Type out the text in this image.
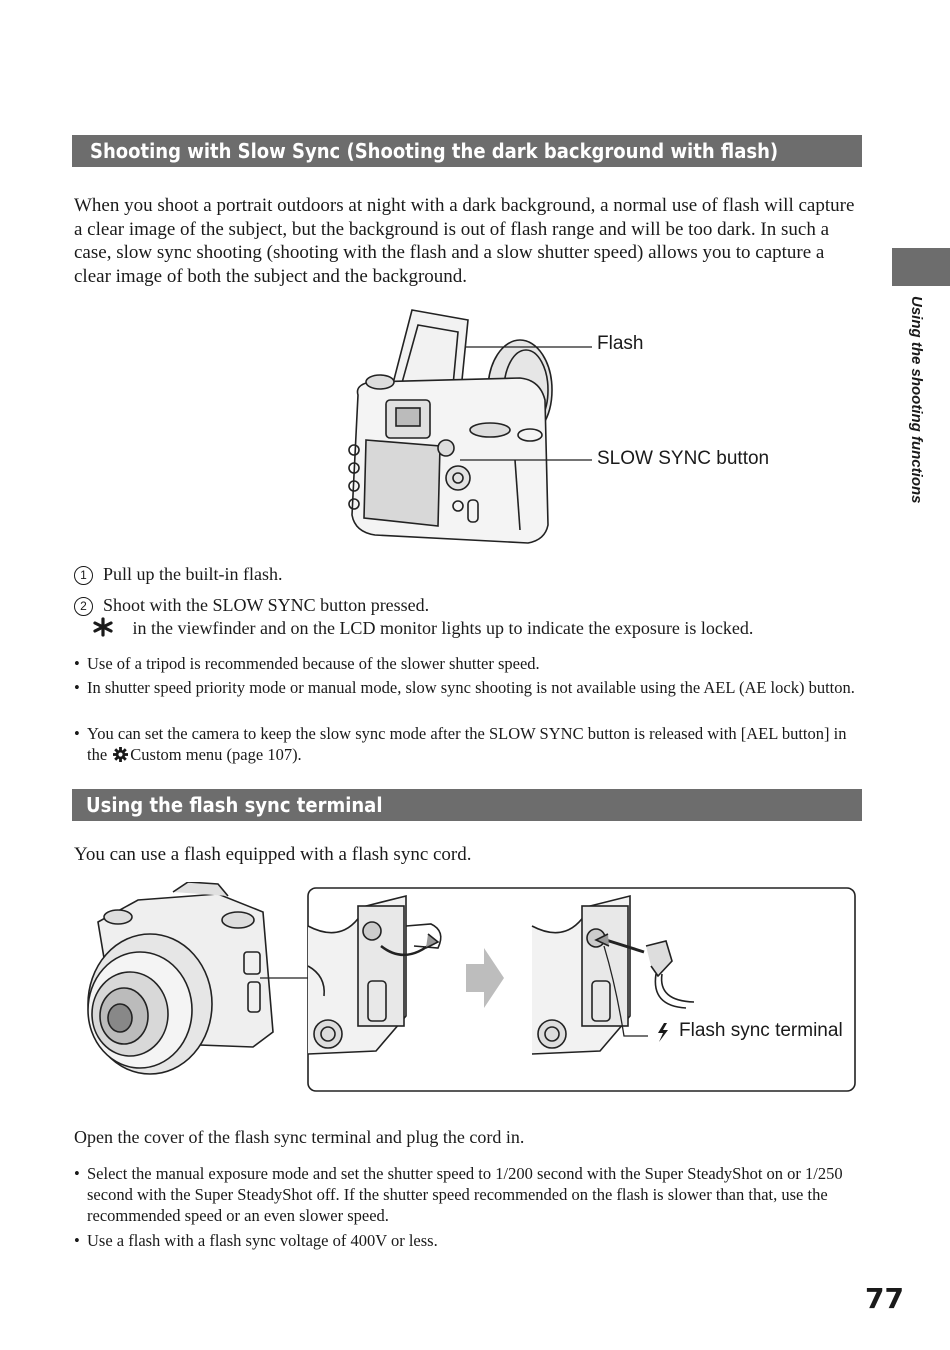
Using the shooting functions
Shooting with Slow Sync (Shooting the dark background with flash)
When you shoot a portrait outdoors at night with a dark background, a normal use of flash will capture a clear image of the subject, but the background is out of flash range and will be too dark. In such a case, slow sync shooting (shooting with the flash and a slow shutter speed) allows you to capture a clear image of both the subject and the background.
Flash
SLOW SYNC button
1 Pull up the built-in flash.
2 Shoot with the SLOW SYNC button pressed.
in the viewfinder and on the LCD monitor lights up to indicate the exposure is locked.
• Use of a tripod is recommended because of the slower shutter speed.
• In shutter speed priority mode or manual mode, slow sync shooting is not available using the AEL (AE lock) button.
• You can set the camera to keep the slow sync mode after the SLOW SYNC button is released with [AEL button] in the Custom menu (page 107).
Using the flash sync terminal
You can use a flash equipped with a flash sync cord.
Flash sync terminal
Open the cover of the flash sync terminal and plug the cord in.
• Select the manual exposure mode and set the shutter speed to 1/200 second with the Super SteadyShot on or 1/250 second with the Super SteadyShot off. If the shutter speed recommended on the flash is slower than that, use the recommended speed or an even slower speed.
• Use a flash with a flash sync voltage of 400V or less.
77
